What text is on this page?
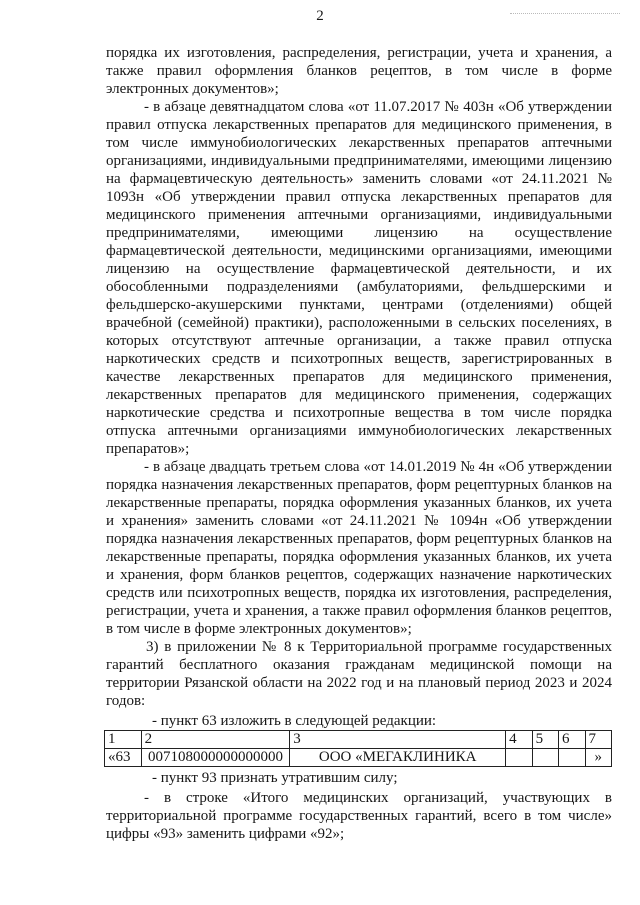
2

порядка их изготовления, распределения, регистрации, учета и хранения, а также правил оформления бланков рецептов, в том числе в форме электронных документов»;

- в абзаце девятнадцатом слова «от 11.07.2017 № 403н «Об утверждении правил отпуска лекарственных препаратов для медицинского применения, в том числе иммунобиологических лекарственных препаратов аптечными организациями, индивидуальными предпринимателями, имеющими лицензию на фармацевтическую деятельность» заменить словами «от 24.11.2021 № 1093н «Об утверждении правил отпуска лекарственных препаратов для медицинского применения аптечными организациями, индивидуальными предпринимателями, имеющими лицензию на осуществление фармацевтической деятельности, медицинскими организациями, имеющими лицензию на осуществление фармацевтической деятельности, и их обособленными подразделениями (амбулаториями, фельдшерскими и фельдшерско-акушерскими пунктами, центрами (отделениями) общей врачебной (семейной) практики), расположенными в сельских поселениях, в которых отсутствуют аптечные организации, а также правил отпуска наркотических средств и психотропных веществ, зарегистрированных в качестве лекарственных препаратов для медицинского применения, лекарственных препаратов для медицинского применения, содержащих наркотические средства и психотропные вещества в том числе порядка отпуска аптечными организациями иммунобиологических лекарственных препаратов»;

- в абзаце двадцать третьем слова «от 14.01.2019 № 4н «Об утверждении порядка назначения лекарственных препаратов, форм рецептурных бланков на лекарственные препараты, порядка оформления указанных бланков, их учета и хранения» заменить словами «от 24.11.2021 № 1094н «Об утверждении порядка назначения лекарственных препаратов, форм рецептурных бланков на лекарственные препараты, порядка оформления указанных бланков, их учета и хранения, форм бланков рецептов, содержащих назначение наркотических средств или психотропных веществ, порядка их изготовления, распределения, регистрации, учета и хранения, а также правил оформления бланков рецептов, в том числе в форме электронных документов»;

3) в приложении № 8 к Территориальной программе государственных гарантий бесплатного оказания гражданам медицинской помощи на территории Рязанской области на 2022 год и на плановый период 2023 и 2024 годов:

- пункт 63 изложить в следующей редакции:

1	2	3	4	5	6	7
«63	007108000000000000	ООО «МЕГАКЛИНИКА				»

- пункт 93 признать утратившим силу;

- в строке «Итого медицинских организаций, участвующих в территориальной программе государственных гарантий, всего в том числе» цифры «93» заменить цифрами «92»;
